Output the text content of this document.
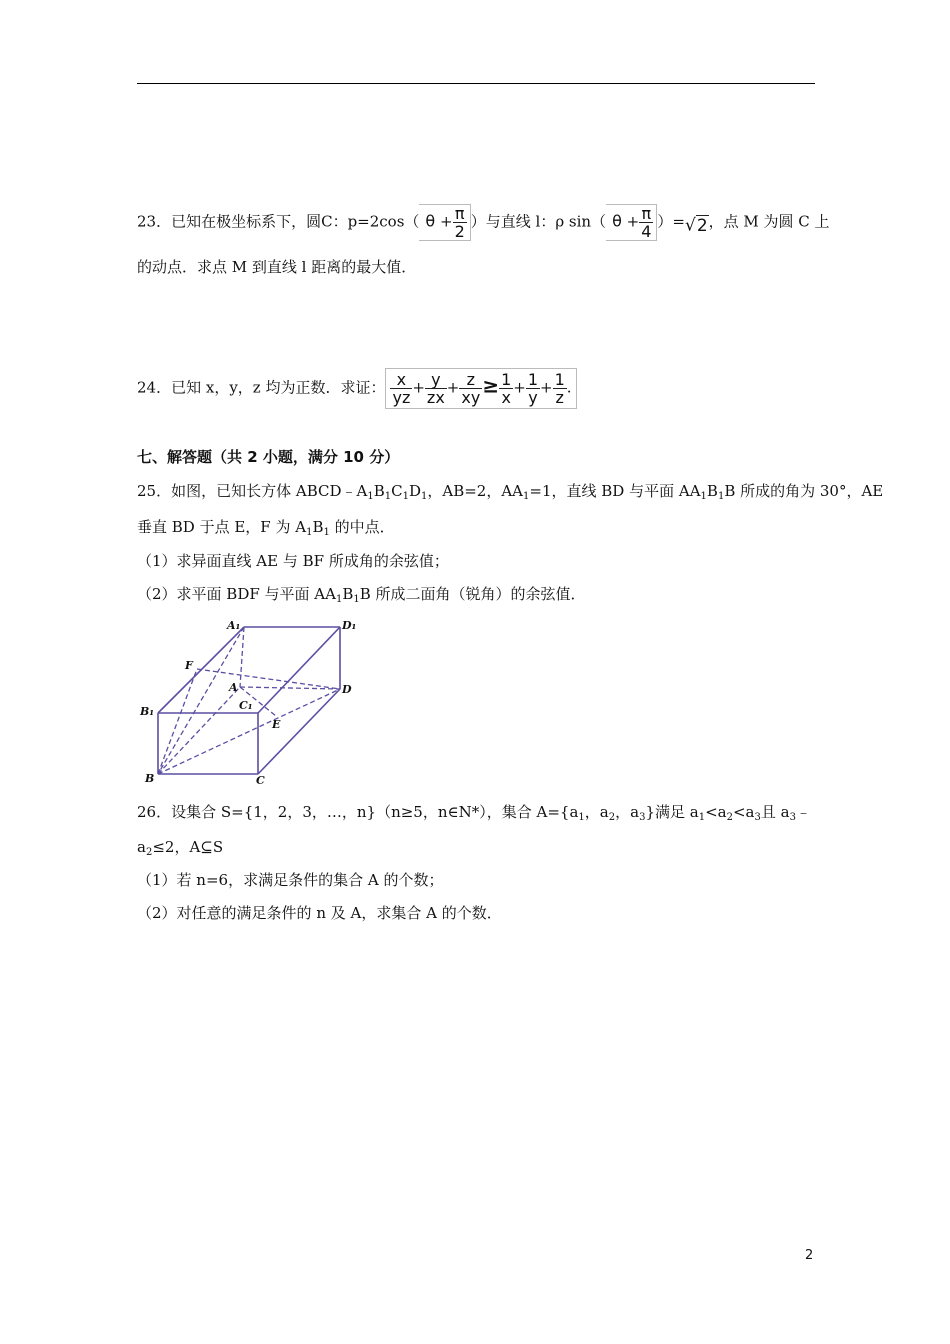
23．已知在极坐标系下，圆C：p=2cos（ $\theta + \frac{\pi}{2}$ ）与直线 l：ρ sin（ $\theta + \frac{\pi}{4} )=√2$，点 M 为圆 C 上
的动点．求点 M 到直线 l 距离的最大值．
24．已知 x，y，z 均为正数．求证： $\frac{x}{yz} + \frac{y}{zx} + \frac{z}{xy} \ge \frac{1}{x} + \frac{1}{y} + \frac{1}{z}$ .
七、解答题（共 2 小题，满分 10 分）
25．如图，已知长方体 $ABCD﹣A_1B_1C_1D_1$，AB=2，$AA_1=1$，直线 BD 与平面 $AA_1B_1B$ 所成的角为 30°，AE
垂直 BD 于点 E，F 为 $A_1B_1$ 的中点．
（1）求异面直线 AE 与 BF 所成角的余弦值；
（2）求平面 BDF 与平面 $AA_1B_1B$ 所成二面角（锐角）的余弦值．
A₁	D₁
F
A	D
B₁	C₁
E
B	C
26．设集合 S={1，2，3，…，n}（n≥5，n∈N*），集合 $A=\{a_1$，$a_2$，$a_3$}满足 $a_1<a_2<a_3$且 $a_3﹣$
$a_2\le 2$，A⊆S
（1）若 n=6，求满足条件的集合 A 的个数；
（2）对任意的满足条件的 n 及 A，求集合 A 的个数．
2
